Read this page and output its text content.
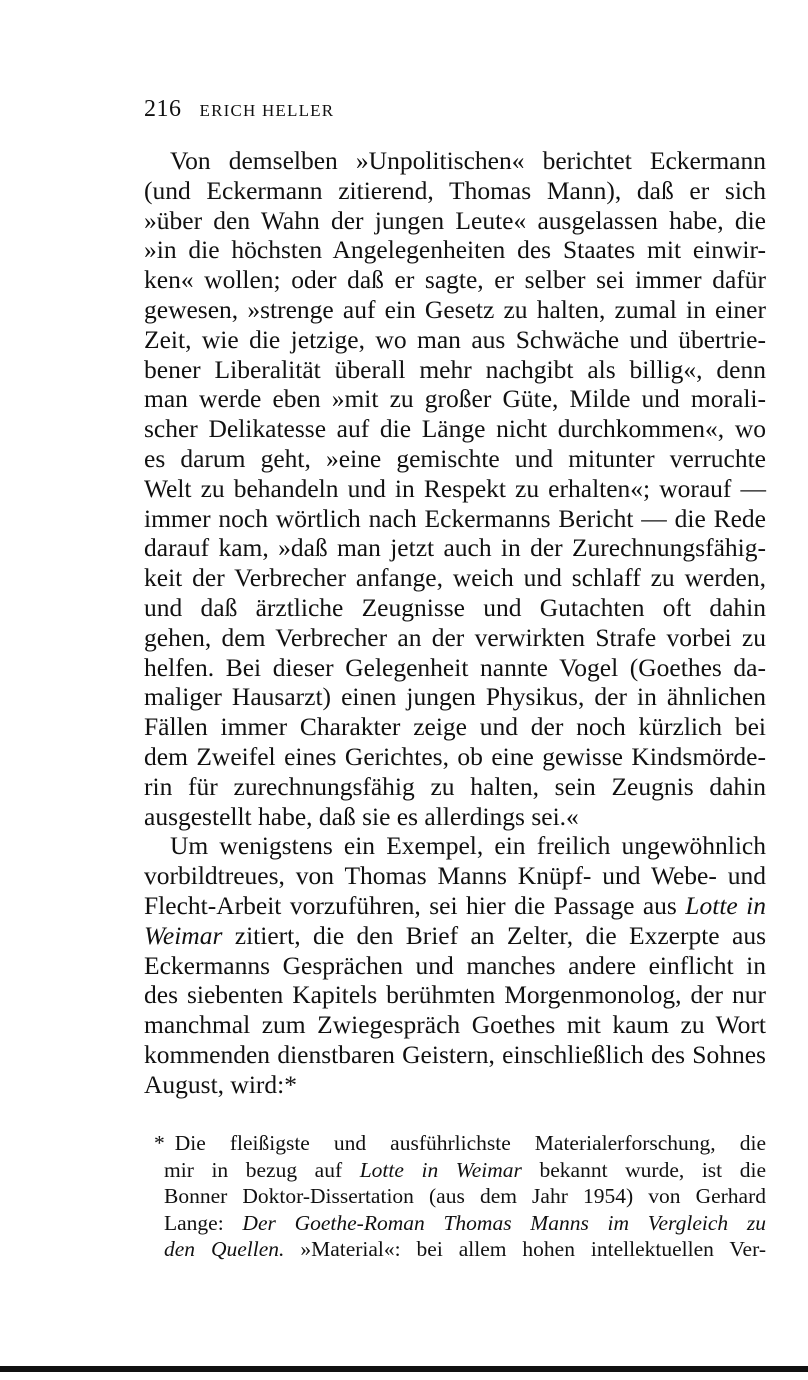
216 ERICH HELLER
Von demselben »Unpolitischen« berichtet Eckermann
(und Eckermann zitierend, Thomas Mann), daß er sich
»über den Wahn der jungen Leute« ausgelassen habe, die
»in die höchsten Angelegenheiten des Staates mit einwir-
ken« wollen; oder daß er sagte, er selber sei immer dafür
gewesen, »strenge auf ein Gesetz zu halten, zumal in einer
Zeit, wie die jetzige, wo man aus Schwäche und übertrie-
bener Liberalität überall mehr nachgibt als billig«, denn
man werde eben »mit zu großer Güte, Milde und morali-
scher Delikatesse auf die Länge nicht durchkommen«, wo
es darum geht, »eine gemischte und mitunter verruchte
Welt zu behandeln und in Respekt zu erhalten«; worauf —
immer noch wörtlich nach Eckermanns Bericht — die Rede
darauf kam, »daß man jetzt auch in der Zurechnungsfähig-
keit der Verbrecher anfange, weich und schlaff zu werden,
und daß ärztliche Zeugnisse und Gutachten oft dahin
gehen, dem Verbrecher an der verwirkten Strafe vorbei zu
helfen. Bei dieser Gelegenheit nannte Vogel (Goethes da-
maliger Hausarzt) einen jungen Physikus, der in ähnlichen
Fällen immer Charakter zeige und der noch kürzlich bei
dem Zweifel eines Gerichtes, ob eine gewisse Kindsmörde-
rin für zurechnungsfähig zu halten, sein Zeugnis dahin
ausgestellt habe, daß sie es allerdings sei.«
Um wenigstens ein Exempel, ein freilich ungewöhnlich
vorbildtreues, von Thomas Manns Knüpf- und Webe- und
Flecht-Arbeit vorzuführen, sei hier die Passage aus Lotte in
Weimar zitiert, die den Brief an Zelter, die Exzerpte aus
Eckermanns Gesprächen und manches andere einflicht in
des siebenten Kapitels berühmten Morgenmonolog, der nur
manchmal zum Zwiegespräch Goethes mit kaum zu Wort
kommenden dienstbaren Geistern, einschließlich des Sohnes
August, wird:*
* Die fleißigste und ausführlichste Materialerforschung, die
mir in bezug auf Lotte in Weimar bekannt wurde, ist die
Bonner Doktor-Dissertation (aus dem Jahr 1954) von Gerhard
Lange: Der Goethe-Roman Thomas Manns im Vergleich zu
den Quellen. »Material«: bei allem hohen intellektuellen Ver-
